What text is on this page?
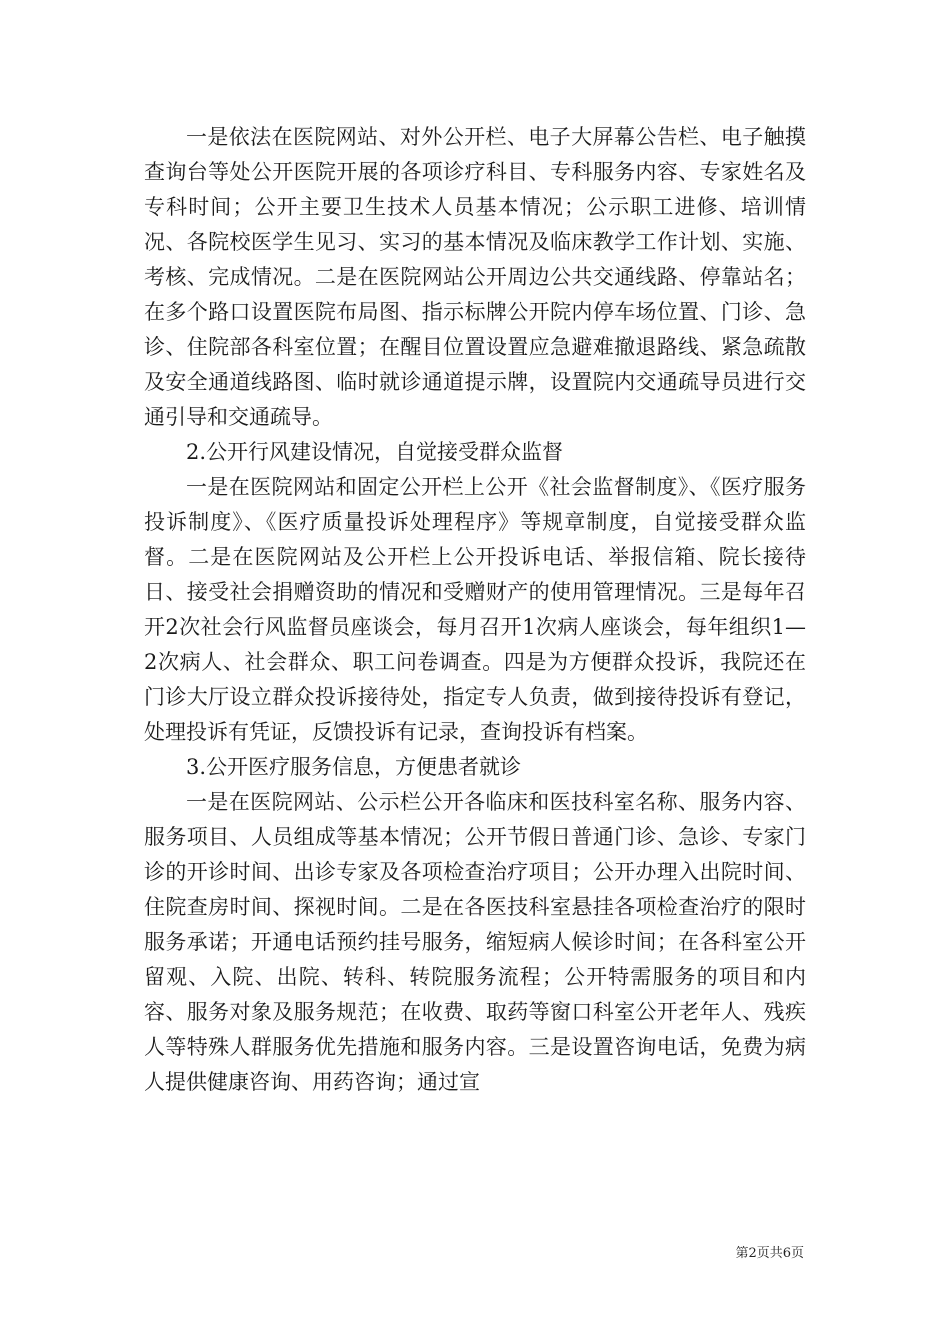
一是依法在医院网站、对外公开栏、电子大屏幕公告栏、电子触摸查询台等处公开医院开展的各项诊疗科目、专科服务内容、专家姓名及专科时间；公开主要卫生技术人员基本情况；公示职工进修、培训情况、各院校医学生见习、实习的基本情况及临床教学工作计划、实施、考核、完成情况。二是在医院网站公开周边公共交通线路、停靠站名；在多个路口设置医院布局图、指示标牌公开院内停车场位置、门诊、急诊、住院部各科室位置；在醒目位置设置应急避难撤退路线、紧急疏散及安全通道线路图、临时就诊通道提示牌，设置院内交通疏导员进行交通引导和交通疏导。

2.公开行风建设情况，自觉接受群众监督

一是在医院网站和固定公开栏上公开《社会监督制度》、《医疗服务投诉制度》、《医疗质量投诉处理程序》等规章制度，自觉接受群众监督。二是在医院网站及公开栏上公开投诉电话、举报信箱、院长接待日、接受社会捐赠资助的情况和受赠财产的使用管理情况。三是每年召开2次社会行风监督员座谈会，每月召开1次病人座谈会，每年组织1—2次病人、社会群众、职工问卷调查。四是为方便群众投诉，我院还在门诊大厅设立群众投诉接待处，指定专人负责，做到接待投诉有登记，处理投诉有凭证，反馈投诉有记录，查询投诉有档案。

3.公开医疗服务信息，方便患者就诊

一是在医院网站、公示栏公开各临床和医技科室名称、服务内容、服务项目、人员组成等基本情况；公开节假日普通门诊、急诊、专家门诊的开诊时间、出诊专家及各项检查治疗项目；公开办理入出院时间、住院查房时间、探视时间。二是在各医技科室悬挂各项检查治疗的限时服务承诺；开通电话预约挂号服务，缩短病人候诊时间；在各科室公开留观、入院、出院、转科、转院服务流程；公开特需服务的项目和内容、服务对象及服务规范；在收费、取药等窗口科室公开老年人、残疾人等特殊人群服务优先措施和服务内容。三是设置咨询电话，免费为病人提供健康咨询、用药咨询；通过宣

第2页共6页
